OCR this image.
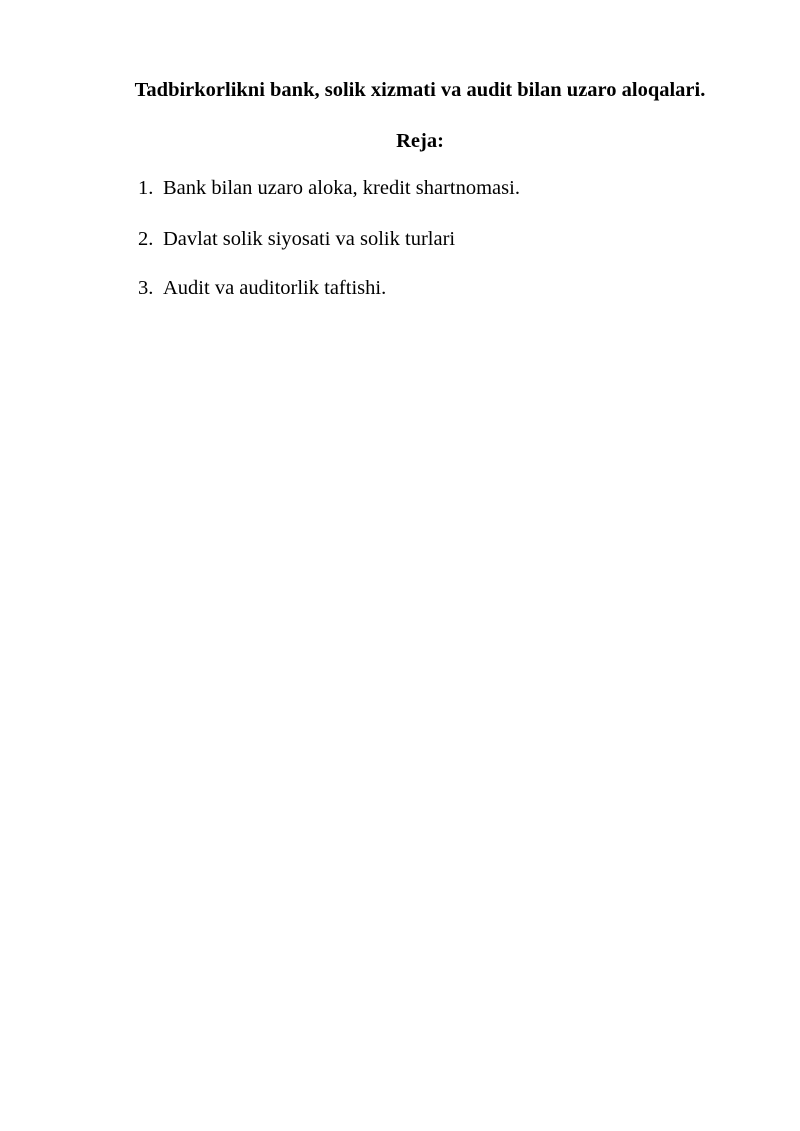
Tadbirkorlikni bank, solik xizmati va audit bilan uzaro aloqalari.
Reja:
1. Bank bilan uzaro aloka, kredit shartnomasi.
2. Davlat solik siyosati va solik turlari
3. Audit va auditorlik taftishi.
